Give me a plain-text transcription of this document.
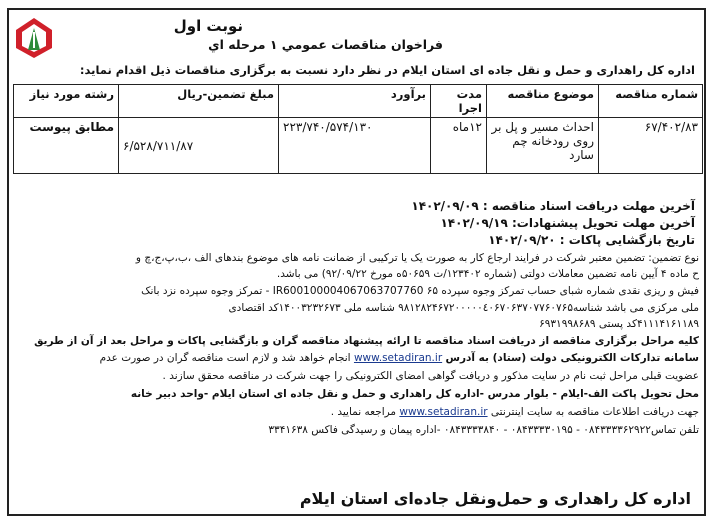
نوبت اول
فراخوان مناقصات عمومي ١ مرحله اي
اداره کل راهداری و حمل و نقل جاده ای استان ایلام در نظر دارد نسبت به برگزاری مناقصات ذیل اقدام نماید:
شماره مناقصه	موضوع مناقصه	مدت اجرا	برآورد	مبلغ تضمین-ریال	رشته مورد نیاز
٨٣/۴٠٢/۶٧	احداث مسیر و پل بر
روی رودخانه چم
سارد	١٢ماه	١٣٠/۵٧۴/٢٢٣/٧۴٠	۶/۵٢٨/٧١١/٨٧	مطابق پیوست
آخرین مهلت دریافت اسناد مناقصه : ١۴٠٢/٠٩/٠٩
آخرین مهلت تحویل پیشنهادات: ١۴٠٢/٠٩/١٩
تاریخ بازگشایی پاکات : ١۴٠٢/٠٩/٢٠
نوع تضمین: تضمین معتبر شرکت در فرایند ارجاع کار به صورت یک یا ترکیبی از ضمانت نامه های موضوع بندهای الف ،ب،پ،ج،چ و
ح ماده ۴ آیین نامه تضمین معاملات دولتی (شماره ١٢٣۴٠٢/ت ۵٠۶۵٩ه مورخ ٩٢/٠٩/٢٢) می باشد.
فیش و ریزی نقدی شماره شبای حساب تمرکز وجوه سپرده ۶۵ IR600100004067063707760 - تمرکز وجوه سپرده نزد بانک
ملی مرکزی می باشد شناسه٩٨١٢٨٢۴۶٧٢٠٠٠٠٠٤٠۶٧٠۶٣٧٠٧٧۶٠٧۶۵ شناسه ملی ١۴٠٠٣٢٣٢۶٧٣کد اقتصادی
۴١١١۴١۶١١٨٩کد پستی ۶٩٣١٩٩٨۶٨٩
کلیه مراحل برگزاری مناقصه از دریافت اسناد مناقصه تا ارائه پیشنهاد مناقصه گران و بازگشایی پاکات و مراحل بعد از آن از طریق
سامانه تدارکات الکترونیکی دولت (ستاد) به آدرس www.setadiran.ir انجام خواهد شد و لازم است مناقصه گران در صورت عدم
عضویت قبلی مراحل ثبت نام در سایت مذکور و دریافت گواهی امضای الکترونیکی را جهت شرکت در مناقصه محقق سازند .
محل تحویل پاکت الف-ایلام - بلوار مدرس -اداره کل راهداری و حمل و نقل جاده ای استان ایلام -واحد دبیر خانه
جهت دریافت اطلاعات مناقصه به سایت اینترنتی www.setadiran.ir مراجعه نمایید .
تلفن تماس٠٨۴٣٣٣٣۶٢٩٢٢ - ٠٨۴٣٣٣٣٠١٩۵ - ٠٨۴٣٣٣٣٨۴٠ -اداره پیمان و رسیدگی فاکس ٣٣۴١۶٣٨
اداره کل راهداری و حمل‌ونقل جاده‌ای استان ایلام
